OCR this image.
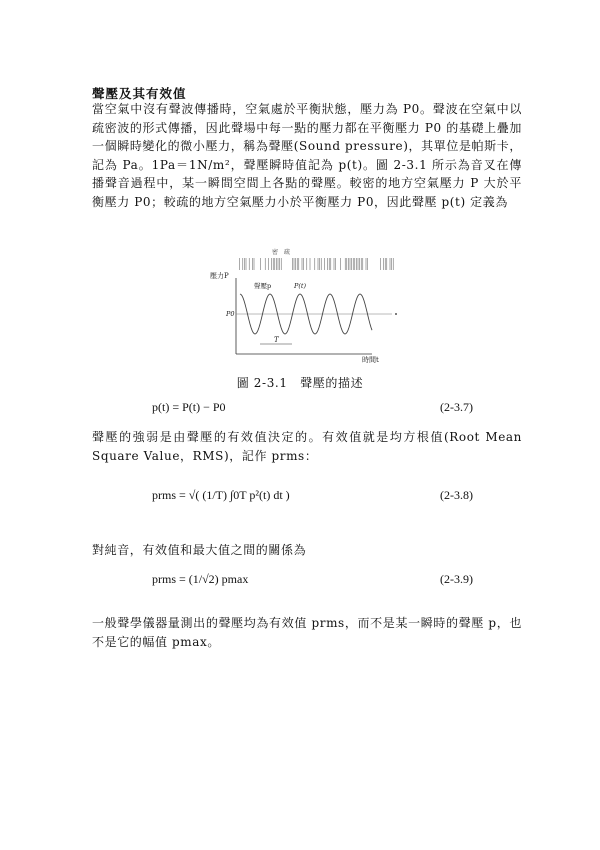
聲壓及其有效值
當空氣中沒有聲波傳播時，空氣處於平衡狀態，壓力為 P0。聲波在空氣中以疏密波的形式傳播，因此聲場中每一點的壓力都在平衡壓力 P0 的基礎上疊加一個瞬時變化的微小壓力，稱為聲壓(Sound pressure)，其單位是帕斯卡，記為 Pa。1Pa＝1N/m²，聲壓瞬時值記為 p(t)。圖 2-3.1 所示為音叉在傳播聲音過程中，某一瞬間空間上各點的聲壓。較密的地方空氣壓力 P 大於平衡壓力 P0；較疏的地方空氣壓力小於平衡壓力 P0，因此聲壓 p(t) 定義為
密　疏
壓力P
聲壓p	P(t)
P0
T
時間t
圖 2-3.1　聲壓的描述
p(t) = P(t) − P0	(2-3.7)
聲壓的強弱是由聲壓的有效值決定的。有效值就是均方根值(Root Mean Square Value，RMS)，記作 prms：
prms = √( (1/T) ∫0T p²(t) dt )	(2-3.8)
對純音，有效值和最大值之間的關係為
prms = (1/√2) pmax	(2-3.9)
一般聲學儀器量測出的聲壓均為有效值 prms，而不是某一瞬時的聲壓 p，也不是它的幅值 pmax。
